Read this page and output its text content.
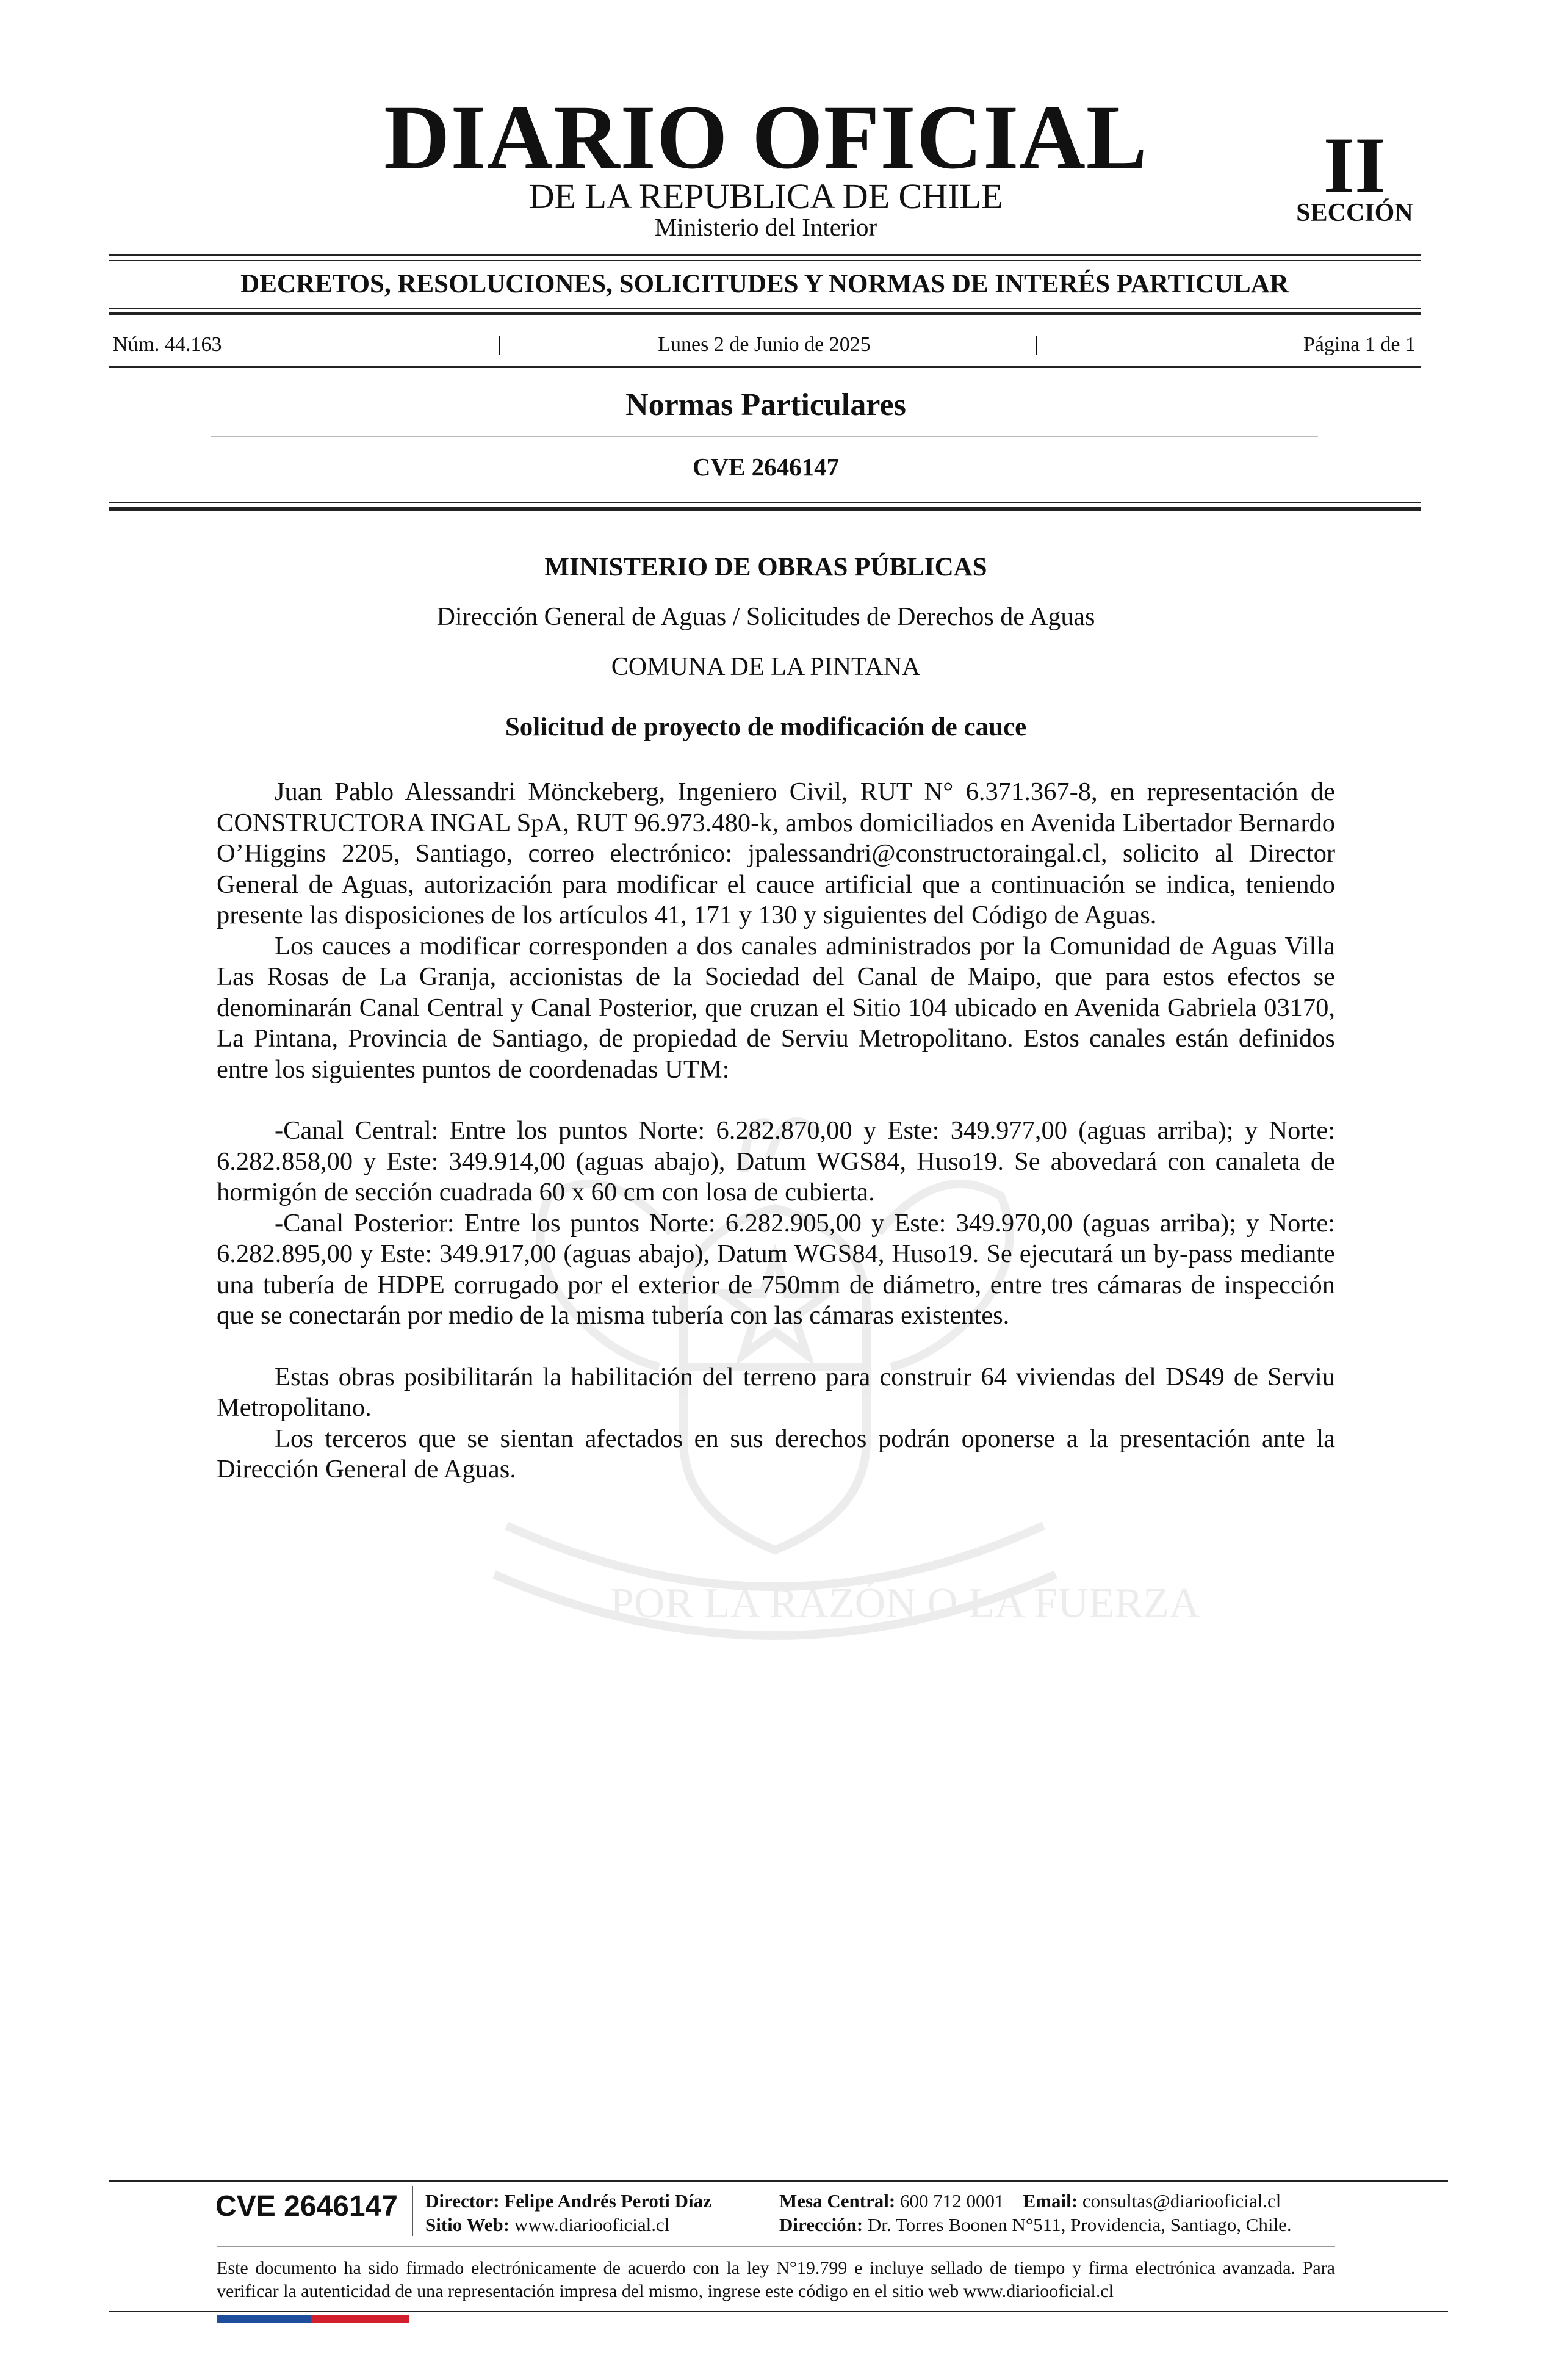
POR LA RAZÓN O LA FUERZA
DIARIO OFICIAL
DE LA REPUBLICA DE CHILE
Ministerio del Interior
II
SECCIÓN
DECRETOS, RESOLUCIONES, SOLICITUDES Y NORMAS DE INTERÉS PARTICULAR
Núm. 44.163	|	Lunes 2 de Junio de 2025	|	Página 1 de 1
Normas Particulares
CVE 2646147
MINISTERIO DE OBRAS PÚBLICAS
Dirección General de Aguas / Solicitudes de Derechos de Aguas
COMUNA DE LA PINTANA
Solicitud de proyecto de modificación de cauce

Juan Pablo Alessandri Mönckeberg, Ingeniero Civil, RUT N° 6.371.367-8, en representación de CONSTRUCTORA INGAL SpA, RUT 96.973.480-k, ambos domiciliados en Avenida Libertador Bernardo O’Higgins 2205, Santiago, correo electrónico: jpalessandri@constructoraingal.cl, solicito al Director General de Aguas, autorización para modificar el cauce artificial que a continuación se indica, teniendo presente las disposiciones de los artículos 41, 171 y 130 y siguientes del Código de Aguas.

Los cauces a modificar corresponden a dos canales administrados por la Comunidad de Aguas Villa Las Rosas de La Granja, accionistas de la Sociedad del Canal de Maipo, que para estos efectos se denominarán Canal Central y Canal Posterior, que cruzan el Sitio 104 ubicado en Avenida Gabriela 03170, La Pintana, Provincia de Santiago, de propiedad de Serviu Metropolitano. Estos canales están definidos entre los siguientes puntos de coordenadas UTM:

-Canal Central: Entre los puntos Norte: 6.282.870,00 y Este: 349.977,00 (aguas arriba); y Norte: 6.282.858,00 y Este: 349.914,00 (aguas abajo), Datum WGS84, Huso19. Se abovedará con canaleta de hormigón de sección cuadrada 60 x 60 cm con losa de cubierta.

-Canal Posterior: Entre los puntos Norte: 6.282.905,00 y Este: 349.970,00 (aguas arriba); y Norte: 6.282.895,00 y Este: 349.917,00 (aguas abajo), Datum WGS84, Huso19. Se ejecutará un by-pass mediante una tubería de HDPE corrugado por el exterior de 750mm de diámetro, entre tres cámaras de inspección que se conectarán por medio de la misma tubería con las cámaras existentes.

Estas obras posibilitarán la habilitación del terreno para construir 64 viviendas del DS49 de Serviu Metropolitano.

Los terceros que se sientan afectados en sus derechos podrán oponerse a la presentación ante la Dirección General de Aguas.

CVE 2646147	Director: Felipe Andrés Peroti Díaz
Sitio Web: www.diariooficial.cl
Mesa Central: 600 712 0001 Email: consultas@diariooficial.cl
Dirección: Dr. Torres Boonen N°511, Providencia, Santiago, Chile.
Este documento ha sido firmado electrónicamente de acuerdo con la ley N°19.799 e incluye sellado de tiempo y firma electrónica avanzada. Para verificar la autenticidad de una representación impresa del mismo, ingrese este código en el sitio web www.diariooficial.cl
